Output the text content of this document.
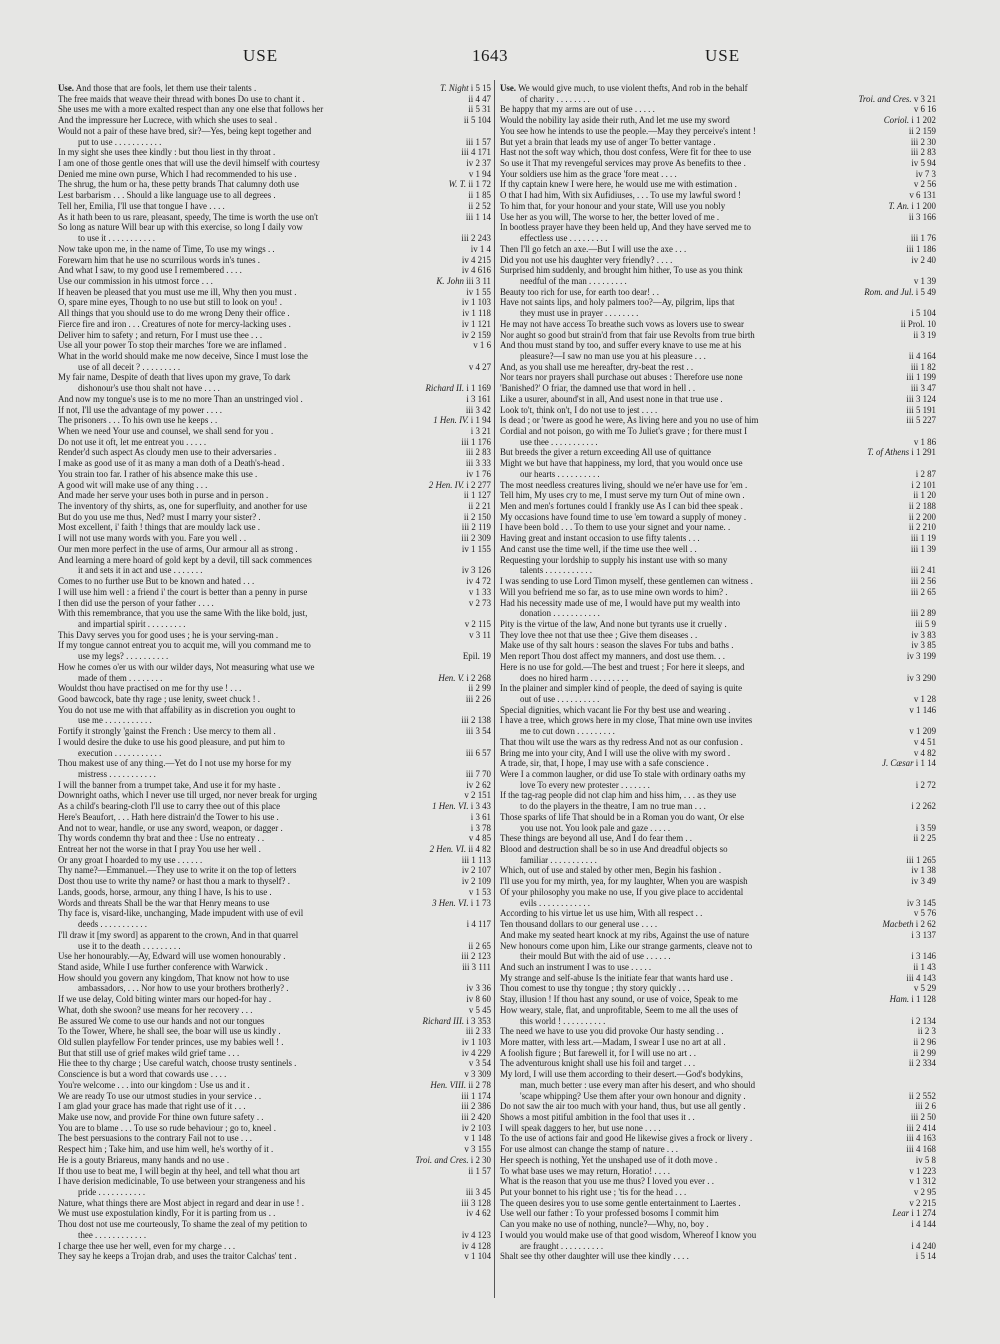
USE	1643	USE
Use. And those that are fools, let them use their talents .	T. Night i 5 15
The free maids that weave their thread with bones Do use to chant it .	ii 4 47
She uses me with a more exalted respect than any one else that follows her	ii 5 31
And the impressure her Lucrece, with which she uses to seal .	ii 5 104
Would not a pair of these have bred, sir?—Yes, being kept together and
put to use . . . . . . . . . . .	iii 1 57
In my sight she uses thee kindly : but thou liest in thy throat .	iii 4 171
I am one of those gentle ones that will use the devil himself with courtesy	iv 2 37
Denied me mine own purse, Which I had recommended to his use .	v 1 94
The shrug, the hum or ha, these petty brands That calumny doth use	W. T. ii 1 72
Lest barbarism . . . Should a like language use to all degrees .	ii 1 85
Tell her, Emilia, I'll use that tongue I have . . . .	ii 2 52
As it hath been to us rare, pleasant, speedy, The time is worth the use on't	iii 1 14
So long as nature Will bear up with this exercise, so long I daily vow
to use it . . . . . . . . . . .	iii 2 243
Now take upon me, in the name of Time, To use my wings . .	iv 1 4
Forewarn him that he use no scurrilous words in's tunes .	iv 4 215
And what I saw, to my good use I remembered . . . .	iv 4 616
Use our commission in his utmost force . . .	K. John iii 3 11
If heaven be pleased that you must use me ill, Why then you must .	iv 1 55
O, spare mine eyes, Though to no use but still to look on you! .	iv 1 103
All things that you should use to do me wrong Deny their office .	iv 1 118
Fierce fire and iron . . . Creatures of note for mercy-lacking uses .	iv 1 121
Deliver him to safety ; and return, For I must use thee . . .	iv 2 159
Use all your power To stop their marches 'fore we are inflamed .	v 1 6
What in the world should make me now deceive, Since I must lose the
use of all deceit ? . . . . . . . . .	v 4 27
My fair name, Despite of death that lives upon my grave, To dark
dishonour's use thou shalt not have . . . .	Richard II. i 1 169
And now my tongue's use is to me no more Than an unstringed viol .	i 3 161
If not, I'll use the advantage of my power . . . .	iii 3 42
The prisoners . . . To his own use he keeps . .	1 Hen. IV. i 1 94
When we need Your use and counsel, we shall send for you .	i 3 21
Do not use it oft, let me entreat you . . . . .	iii 1 176
Render'd such aspect As cloudy men use to their adversaries .	iii 2 83
I make as good use of it as many a man doth of a Death's-head .	iii 3 33
You strain too far. I rather of his absence make this use .	iv 1 76
A good wit will make use of any thing . . .	2 Hen. IV. i 2 277
And made her serve your uses both in purse and in person .	ii 1 127
The inventory of thy shirts, as, one for superfluity, and another for use	ii 2 21
But do you use me thus, Ned? must I marry your sister? .	ii 2 150
Most excellent, i' faith ! things that are mouldy lack use .	iii 2 119
I will not use many words with you. Fare you well . .	iii 2 309
Our men more perfect in the use of arms, Our armour all as strong .	iv 1 155
And learning a mere hoard of gold kept by a devil, till sack commences
it and sets it in act and use . . . . . . .	iv 3 126
Comes to no further use But to be known and hated . . .	iv 4 72
I will use him well : a friend i' the court is better than a penny in purse	v 1 33
I then did use the person of your father . . . .	v 2 73
With this remembrance, that you use the same With the like bold, just,
and impartial spirit . . . . . . . . .	v 2 115
This Davy serves you for good uses ; he is your serving-man .	v 3 11
If my tongue cannot entreat you to acquit me, will you command me to
use my legs? . . . . . . . . . .	Epil. 19
How he comes o'er us with our wilder days, Not measuring what use we
made of them . . . . . . . .	Hen. V. i 2 268
Wouldst thou have practised on me for thy use ! . . .	ii 2 99
Good bawcock, bate thy rage ; use lenity, sweet chuck ! .	iii 2 26
You do not use me with that affability as in discretion you ought to
use me . . . . . . . . . . .	iii 2 138
Fortify it strongly 'gainst the French : Use mercy to them all .	iii 3 54
I would desire the duke to use his good pleasure, and put him to
execution . . . . . . . . . . .	iii 6 57
Thou makest use of any thing.—Yet do I not use my horse for my
mistress . . . . . . . . . . .	iii 7 70
I will the banner from a trumpet take, And use it for my haste .	iv 2 62
Downright oaths, which I never use till urged, nor never break for urging	v 2 151
As a child's bearing-cloth I'll use to carry thee out of this place	1 Hen. VI. i 3 43
Here's Beaufort, . . . Hath here distrain'd the Tower to his use .	i 3 61
And not to wear, handle, or use any sword, weapon, or dagger .	i 3 78
Thy words condemn thy brat and thee : Use no entreaty . .	v 4 85
Entreat her not the worse in that I pray You use her well .	2 Hen. VI. ii 4 82
Or any groat I hoarded to my use . . . . . .	iii 1 113
Thy name?—Emmanuel.—They use to write it on the top of letters	iv 2 107
Dost thou use to write thy name? or hast thou a mark to thyself? .	iv 2 109
Lands, goods, horse, armour, any thing I have, Is his to use .	v 1 53
Words and threats Shall be the war that Henry means to use	3 Hen. VI. i 1 73
Thy face is, visard-like, unchanging, Made impudent with use of evil
deeds . . . . . . . . . . .	i 4 117
I'll draw it [my sword] as apparent to the crown, And in that quarrel
use it to the death . . . . . . . . .	ii 2 65
Use her honourably.—Ay, Edward will use women honourably .	iii 2 123
Stand aside, While I use further conference with Warwick .	iii 3 111
How should you govern any kingdom, That know not how to use
ambassadors, . . . Nor how to use your brothers brotherly? .	iv 3 36
If we use delay, Cold biting winter mars our hoped-for hay .	iv 8 60
What, doth she swoon? use means for her recovery . . .	v 5 45
Be assured We come to use our hands and not our tongues	Richard III. i 3 353
To the Tower, Where, he shall see, the boar will use us kindly .	iii 2 33
Old sullen playfellow For tender princes, use my babies well ! .	iv 1 103
But that still use of grief makes wild grief tame . . .	iv 4 229
Hie thee to thy charge ; Use careful watch, choose trusty sentinels .	v 3 54
Conscience is but a word that cowards use . . . .	v 3 309
You're welcome . . . into our kingdom : Use us and it .	Hen. VIII. ii 2 78
We are ready To use our utmost studies in your service . .	iii 1 174
I am glad your grace has made that right use of it . . .	iii 2 386
Make use now, and provide For thine own future safety . .	iii 2 420
You are to blame . . . To use so rude behaviour ; go to, kneel .	iv 2 103
The best persuasions to the contrary Fail not to use . . .	v 1 148
Respect him ; Take him, and use him well, he's worthy of it .	v 3 155
He is a gouty Briareus, many hands and no use .	Troi. and Cres. i 2 30
If thou use to beat me, I will begin at thy heel, and tell what thou art	ii 1 57
I have derision medicinable, To use between your strangeness and his
pride . . . . . . . . . . .	iii 3 45
Nature, what things there are Most abject in regard and dear in use ! .	iii 3 128
We must use expostulation kindly, For it is parting from us . .	iv 4 62
Thou dost not use me courteously, To shame the zeal of my petition to
thee . . . . . . . . . . . .	iv 4 123
I charge thee use her well, even for my charge . . .	iv 4 128
They say he keeps a Trojan drab, and uses the traitor Calchas' tent .	v 1 104
Use. We would give much, to use violent thefts, And rob in the behalf
of charity . . . . . . . .	Troi. and Cres. v 3 21
Be happy that my arms are out of use . . . . .	v 6 16
Would the nobility lay aside their ruth, And let me use my sword	Coriol. i 1 202
You see how he intends to use the people.—May they perceive's intent !	ii 2 159
But yet a brain that leads my use of anger To better vantage .	iii 2 30
Hast not the soft way which, thou dost confess, Were fit for thee to use	iii 2 83
So use it That my revengeful services may prove As benefits to thee .	iv 5 94
Your soldiers use him as the grace 'fore meat . . . .	iv 7 3
If thy captain knew I were here, he would use me with estimation .	v 2 56
O that I had him, With six Aufidiuses, . . . To use my lawful sword !	v 6 131
To him that, for your honour and your state, Will use you nobly	T. An. i 1 200
Use her as you will, The worse to her, the better loved of me .	ii 3 166
In bootless prayer have they been held up, And they have served me to
effectless use . . . . . . . . .	iii 1 76
Then I'll go fetch an axe.—But I will use the axe . . .	iii 1 186
Did you not use his daughter very friendly? . . . .	iv 2 40
Surprised him suddenly, and brought him hither, To use as you think
needful of the man . . . . . . . . .	v 1 39
Beauty too rich for use, for earth too dear! . .	Rom. and Jul. i 5 49
Have not saints lips, and holy palmers too?—Ay, pilgrim, lips that
they must use in prayer . . . . . . . .	i 5 104
He may not have access To breathe such vows as lovers use to swear	ii Prol. 10
Nor aught so good but strain'd from that fair use Revolts from true birth	ii 3 19
And thou must stand by too, and suffer every knave to use me at his
pleasure?—I saw no man use you at his pleasure . . .	ii 4 164
And, as you shall use me hereafter, dry-beat the rest . .	iii 1 82
Nor tears nor prayers shall purchase out abuses : Therefore use none	iii 1 199
'Banished?' O friar, the damned use that word in hell . .	iii 3 47
Like a usurer, abound'st in all, And usest none in that true use .	iii 3 124
Look to't, think on't, I do not use to jest . . . .	iii 5 191
Is dead ; or 'twere as good he were, As living here and you no use of him	iii 5 227
Cordial and not poison, go with me To Juliet's grave ; for there must I
use thee . . . . . . . . . . .	v 1 86
But breeds the giver a return exceeding All use of quittance	T. of Athens i 1 291
Might we but have that happiness, my lord, that you would once use
our hearts . . . . . . . . . .	i 2 87
The most needless creatures living, should we ne'er have use for 'em .	i 2 101
Tell him, My uses cry to me, I must serve my turn Out of mine own .	ii 1 20
Men and men's fortunes could I frankly use As I can bid thee speak .	ii 2 188
My occasions have found time to use 'em toward a supply of money .	ii 2 200
I have been bold . . . To them to use your signet and your name. .	ii 2 210
Having great and instant occasion to use fifty talents . . .	iii 1 19
And canst use the time well, if the time use thee well . .	iii 1 39
Requesting your lordship to supply his instant use with so many
talents . . . . . . . . . . .	iii 2 41
I was sending to use Lord Timon myself, these gentlemen can witness .	iii 2 56
Will you befriend me so far, as to use mine own words to him? .	iii 2 65
Had his necessity made use of me, I would have put my wealth into
donation . . . . . . . . . . .	iii 2 89
Pity is the virtue of the law, And none but tyrants use it cruelly .	iii 5 9
They love thee not that use thee ; Give them diseases . .	iv 3 83
Make use of thy salt hours : season the slaves For tubs and baths .	iv 3 85
Men report Thou dost affect my manners, and dost use them. . .	iv 3 199
Here is no use for gold.—The best and truest ; For here it sleeps, and
does no hired harm . . . . . . . . .	iv 3 290
In the plainer and simpler kind of people, the deed of saying is quite
out of use . . . . . . . . . .	v 1 28
Special dignities, which vacant lie For thy best use and wearing .	v 1 146
I have a tree, which grows here in my close, That mine own use invites
me to cut down . . . . . . . . .	v 1 209
That thou wilt use the wars as thy redress And not as our confusion .	v 4 51
Bring me into your city, And I will use the olive with my sword .	v 4 82
A trade, sir, that, I hope, I may use with a safe conscience .	J. Cæsar i 1 14
Were I a common laugher, or did use To stale with ordinary oaths my
love To every new protester . . . . . . .	i 2 72
If the tag-rag people did not clap him and hiss him, . . . as they use
to do the players in the theatre, I am no true man . . .	i 2 262
Those sparks of life That should be in a Roman you do want, Or else
you use not. You look pale and gaze . . . . .	i 3 59
These things are beyond all use, And I do fear them . .	ii 2 25
Blood and destruction shall be so in use And dreadful objects so
familiar . . . . . . . . . . .	iii 1 265
Which, out of use and staled by other men, Begin his fashion .	iv 1 38
I'll use you for my mirth, yea, for my laughter, When you are waspish	iv 3 49
Of your philosophy you make no use, If you give place to accidental
evils . . . . . . . . . . . .	iv 3 145
According to his virtue let us use him, With all respect . .	v 5 76
Ten thousand dollars to our general use . . . .	Macbeth i 2 62
And make my seated heart knock at my ribs, Against the use of nature	i 3 137
New honours come upon him, Like our strange garments, cleave not to
their mould But with the aid of use . . . . . .	i 3 146
And such an instrument I was to use . . . . .	ii 1 43
My strange and self-abuse Is the initiate fear that wants hard use .	iii 4 143
Thou comest to use thy tongue ; thy story quickly . . .	v 5 29
Stay, illusion ! If thou hast any sound, or use of voice, Speak to me	Ham. i 1 128
How weary, stale, flat, and unprofitable, Seem to me all the uses of
this world ! . . . . . . . . . .	i 2 134
The need we have to use you did provoke Our hasty sending . .	ii 2 3
More matter, with less art.—Madam, I swear I use no art at all .	ii 2 96
A foolish figure ; But farewell it, for I will use no art . .	ii 2 99
The adventurous knight shall use his foil and target . . .	ii 2 334
My lord, I will use them according to their desert.—God's bodykins,
man, much better : use every man after his desert, and who should
'scape whipping? Use them after your own honour and dignity .	ii 2 552
Do not saw the air too much with your hand, thus, but use all gently .	iii 2 6
Shows a most pitiful ambition in the fool that uses it . .	iii 2 50
I will speak daggers to her, but use none . . . .	iii 2 414
To the use of actions fair and good He likewise gives a frock or livery .	iii 4 163
For use almost can change the stamp of nature . . .	iii 4 168
Her speech is nothing, Yet the unshaped use of it doth move .	iv 5 8
To what base uses we may return, Horatio! . . . .	v 1 223
What is the reason that you use me thus? I loved you ever . .	v 1 312
Put your bonnet to his right use ; 'tis for the head . . .	v 2 95
The queen desires you to use some gentle entertainment to Laertes .	v 2 215
Use well our father : To your professed bosoms I commit him	Lear i 1 274
Can you make no use of nothing, nuncle?—Why, no, boy .	i 4 144
I would you would make use of that good wisdom, Whereof I know you
are fraught . . . . . . . . . .	i 4 240
Shalt see thy other daughter will use thee kindly . . . .	i 5 14
